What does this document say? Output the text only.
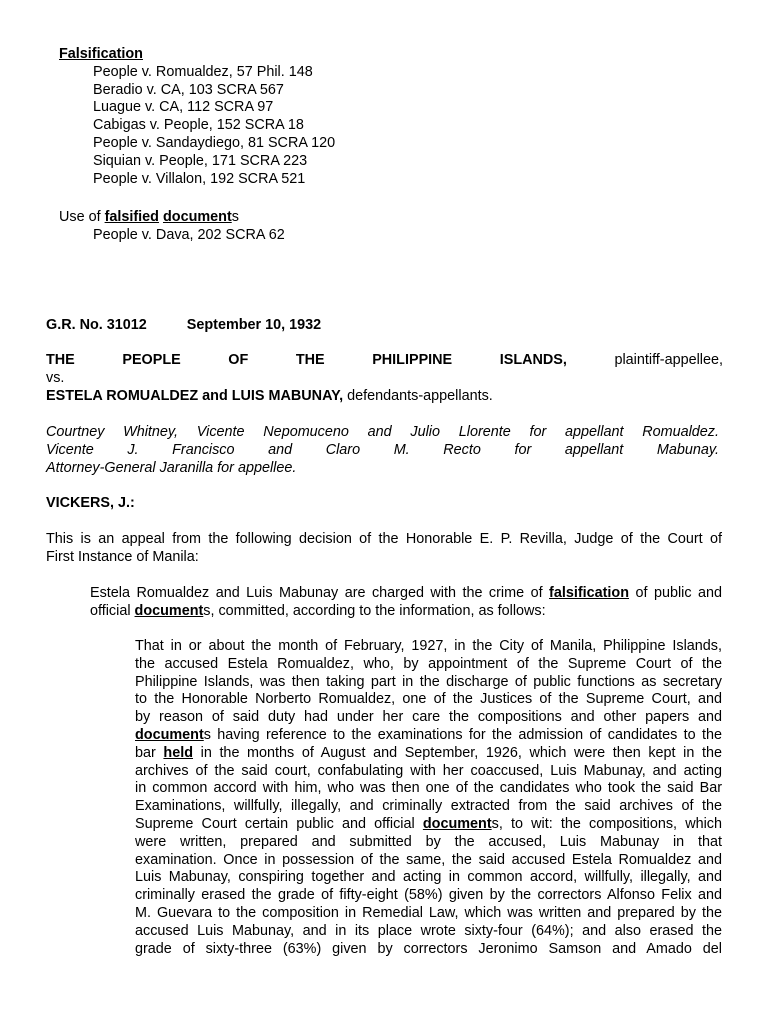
Falsification
People v. Romualdez, 57 Phil. 148
Beradio v. CA, 103 SCRA 567
Luague v. CA, 112 SCRA 97
Cabigas v. People, 152 SCRA 18
People v. Sandaydiego, 81 SCRA 120
Siquian v. People, 171 SCRA 223
People v. Villalon, 192 SCRA 521
Use of falsified documents
People v. Dava, 202 SCRA 62
G.R. No. 31012	September 10, 1932
THE PEOPLE OF THE PHILIPPINE ISLANDS,	plaintiff-appellee,
vs.
ESTELA ROMUALDEZ and LUIS MABUNAY, defendants-appellants.
Courtney Whitney, Vicente Nepomuceno and Julio Llorente for appellant Romualdez.
Vicente J. Francisco and Claro M. Recto for appellant Mabunay.
Attorney-General Jaranilla for appellee.
VICKERS, J.:
This is an appeal from the following decision of the Honorable E. P. Revilla, Judge of the Court of
First Instance of Manila:
Estela Romualdez and Luis Mabunay are charged with the crime of falsification of public and
official documents, committed, according to the information, as follows:
That in or about the month of February, 1927, in the City of Manila, Philippine Islands,
the accused Estela Romualdez, who, by appointment of the Supreme Court of the
Philippine Islands, was then taking part in the discharge of public functions as secretary
to the Honorable Norberto Romualdez, one of the Justices of the Supreme Court, and
by reason of said duty had under her care the compositions and other papers and
documents having reference to the examinations for the admission of candidates to the
bar held in the months of August and September, 1926, which were then kept in the
archives of the said court, confabulating with her coaccused, Luis Mabunay, and acting
in common accord with him, who was then one of the candidates who took the said Bar
Examinations, willfully, illegally, and criminally extracted from the said archives of the
Supreme Court certain public and official documents, to wit: the compositions, which
were written, prepared and submitted by the accused, Luis Mabunay in that
examination. Once in possession of the same, the said accused Estela Romualdez and
Luis Mabunay, conspiring together and acting in common accord, willfully, illegally, and
criminally erased the grade of fifty-eight (58%) given by the correctors Alfonso Felix and
M. Guevara to the composition in Remedial Law, which was written and prepared by the
accused Luis Mabunay, and in its place wrote sixty-four (64%); and also erased the
grade of sixty-three (63%) given by correctors Jeronimo Samson and Amado del
